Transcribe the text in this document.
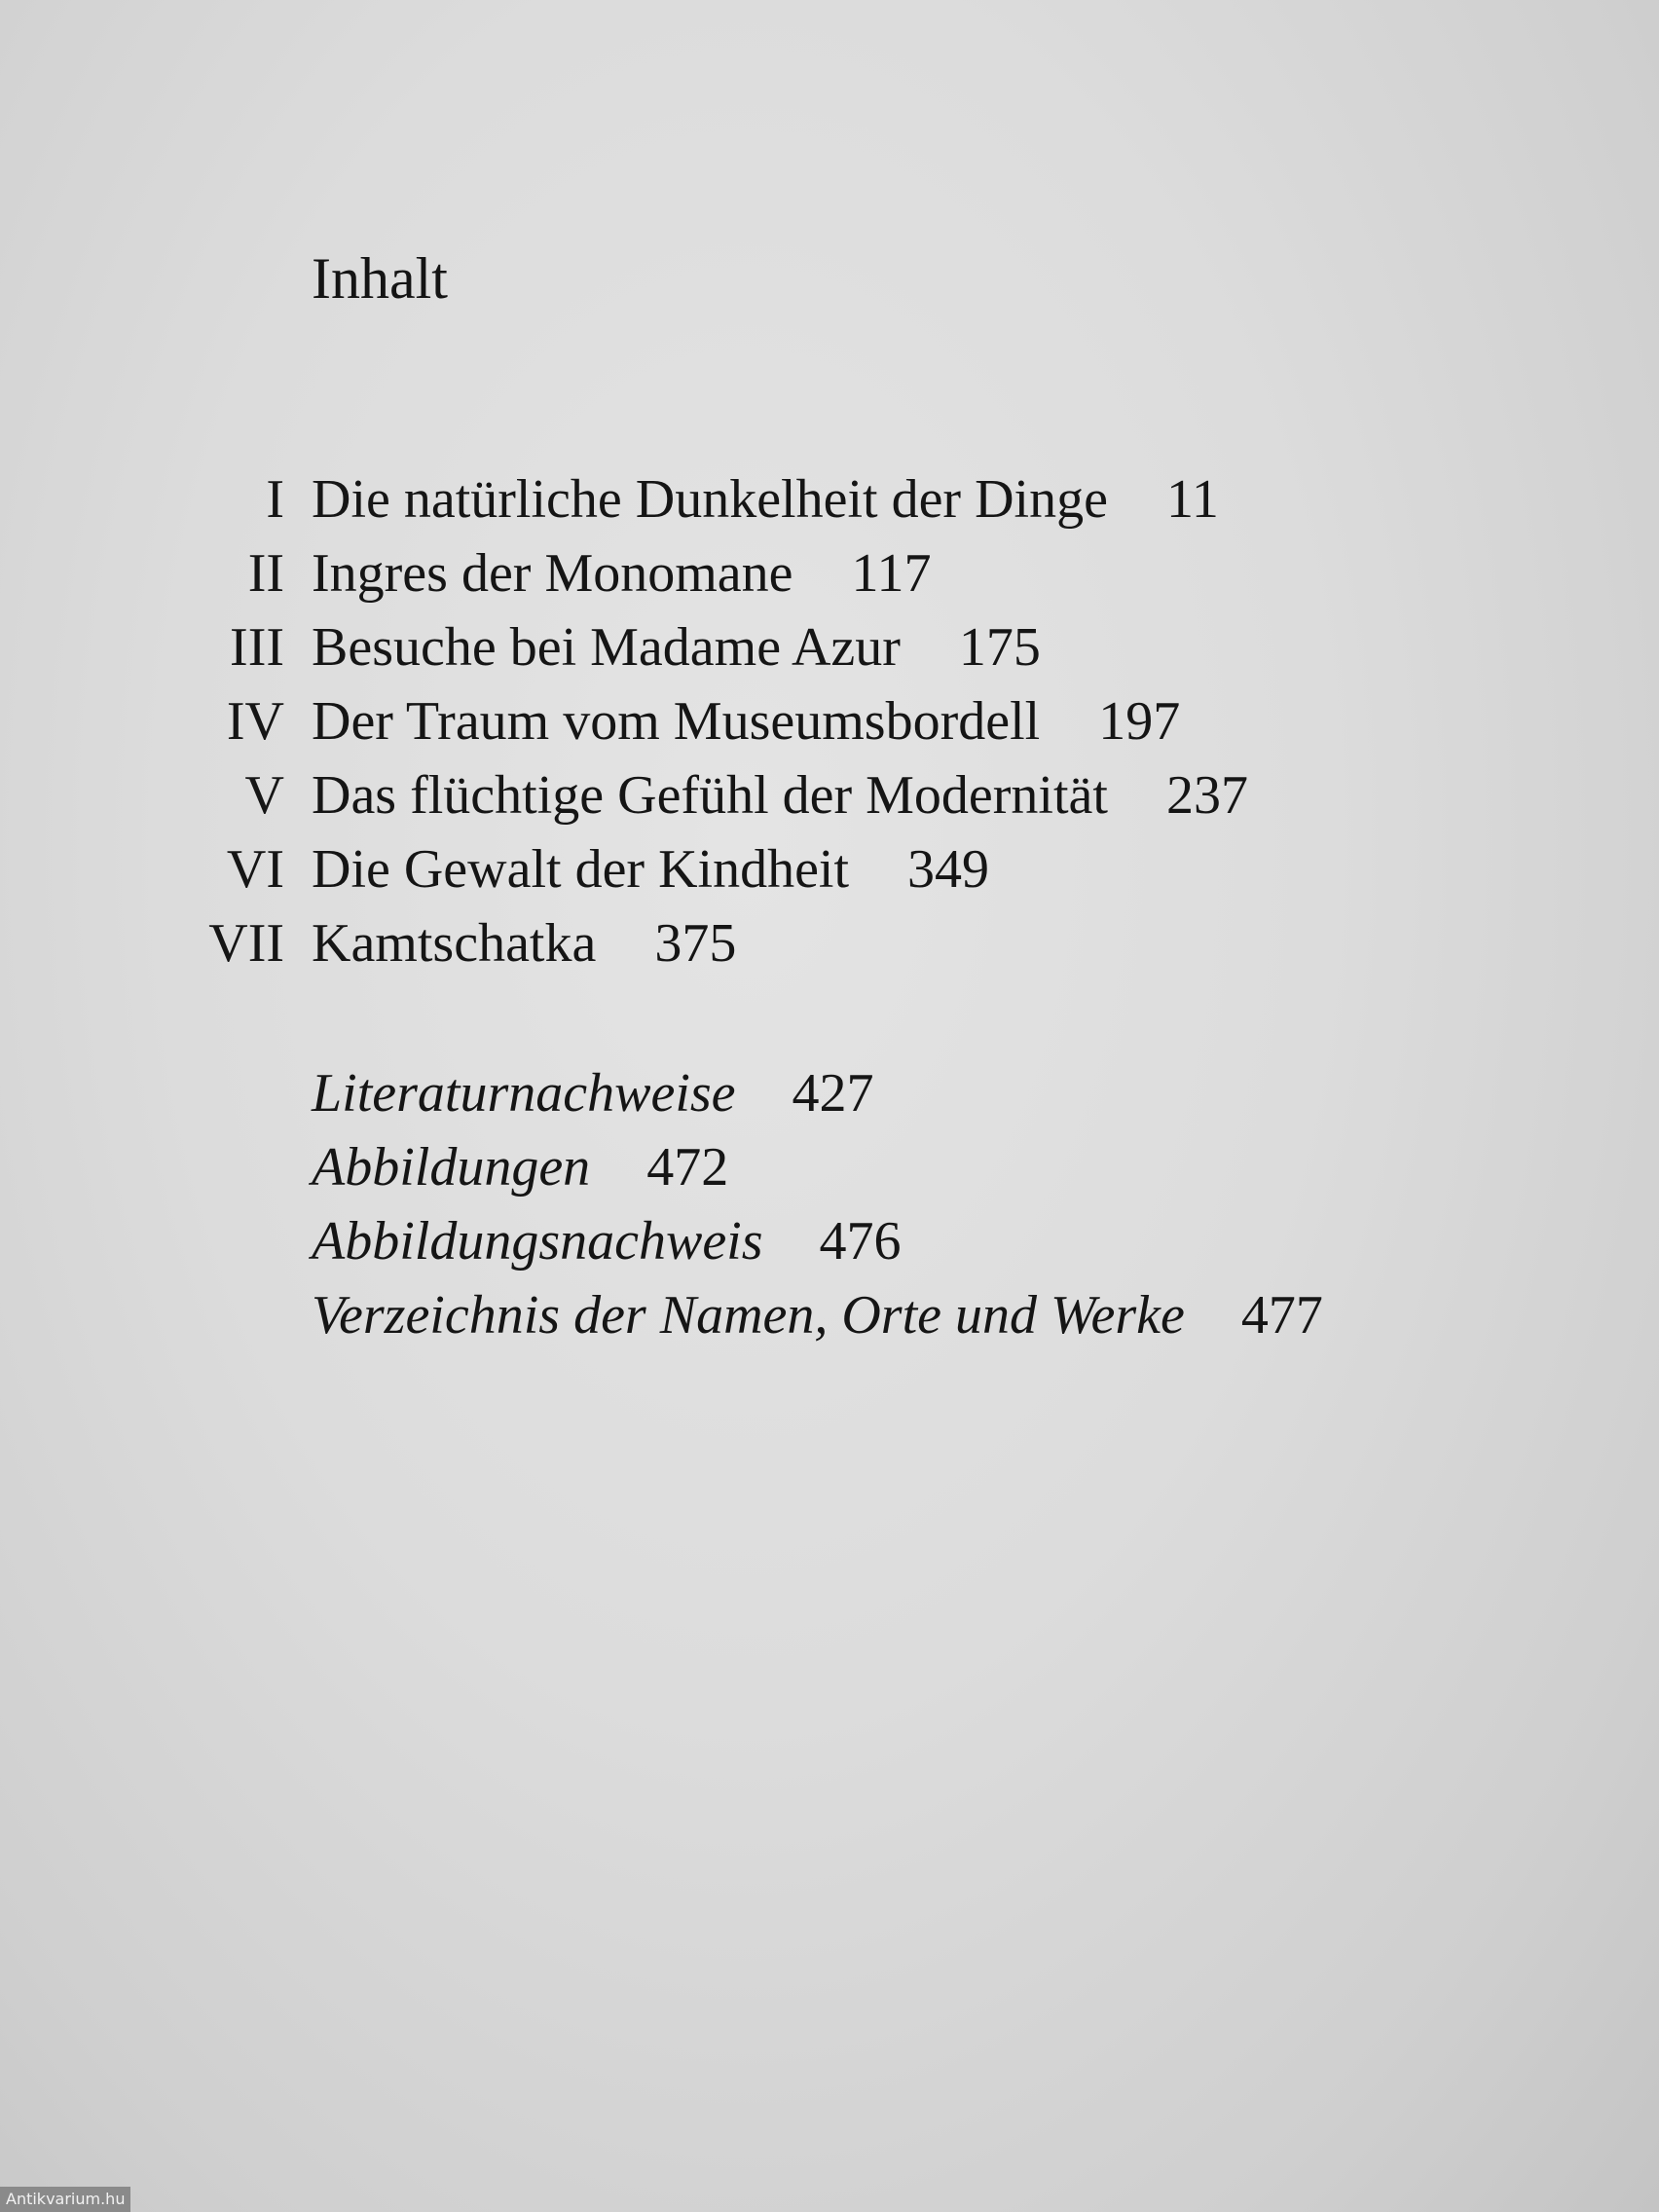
Inhalt
I Die natürliche Dunkelheit der Dinge 11
II Ingres der Monomane 117
III Besuche bei Madame Azur 175
IV Der Traum vom Museumsbordell 197
V Das flüchtige Gefühl der Modernität 237
VI Die Gewalt der Kindheit 349
VII Kamtschatka 375
Literaturnachweise 427
Abbildungen 472
Abbildungsnachweis 476
Verzeichnis der Namen, Orte und Werke 477
Antikvarium.hu
